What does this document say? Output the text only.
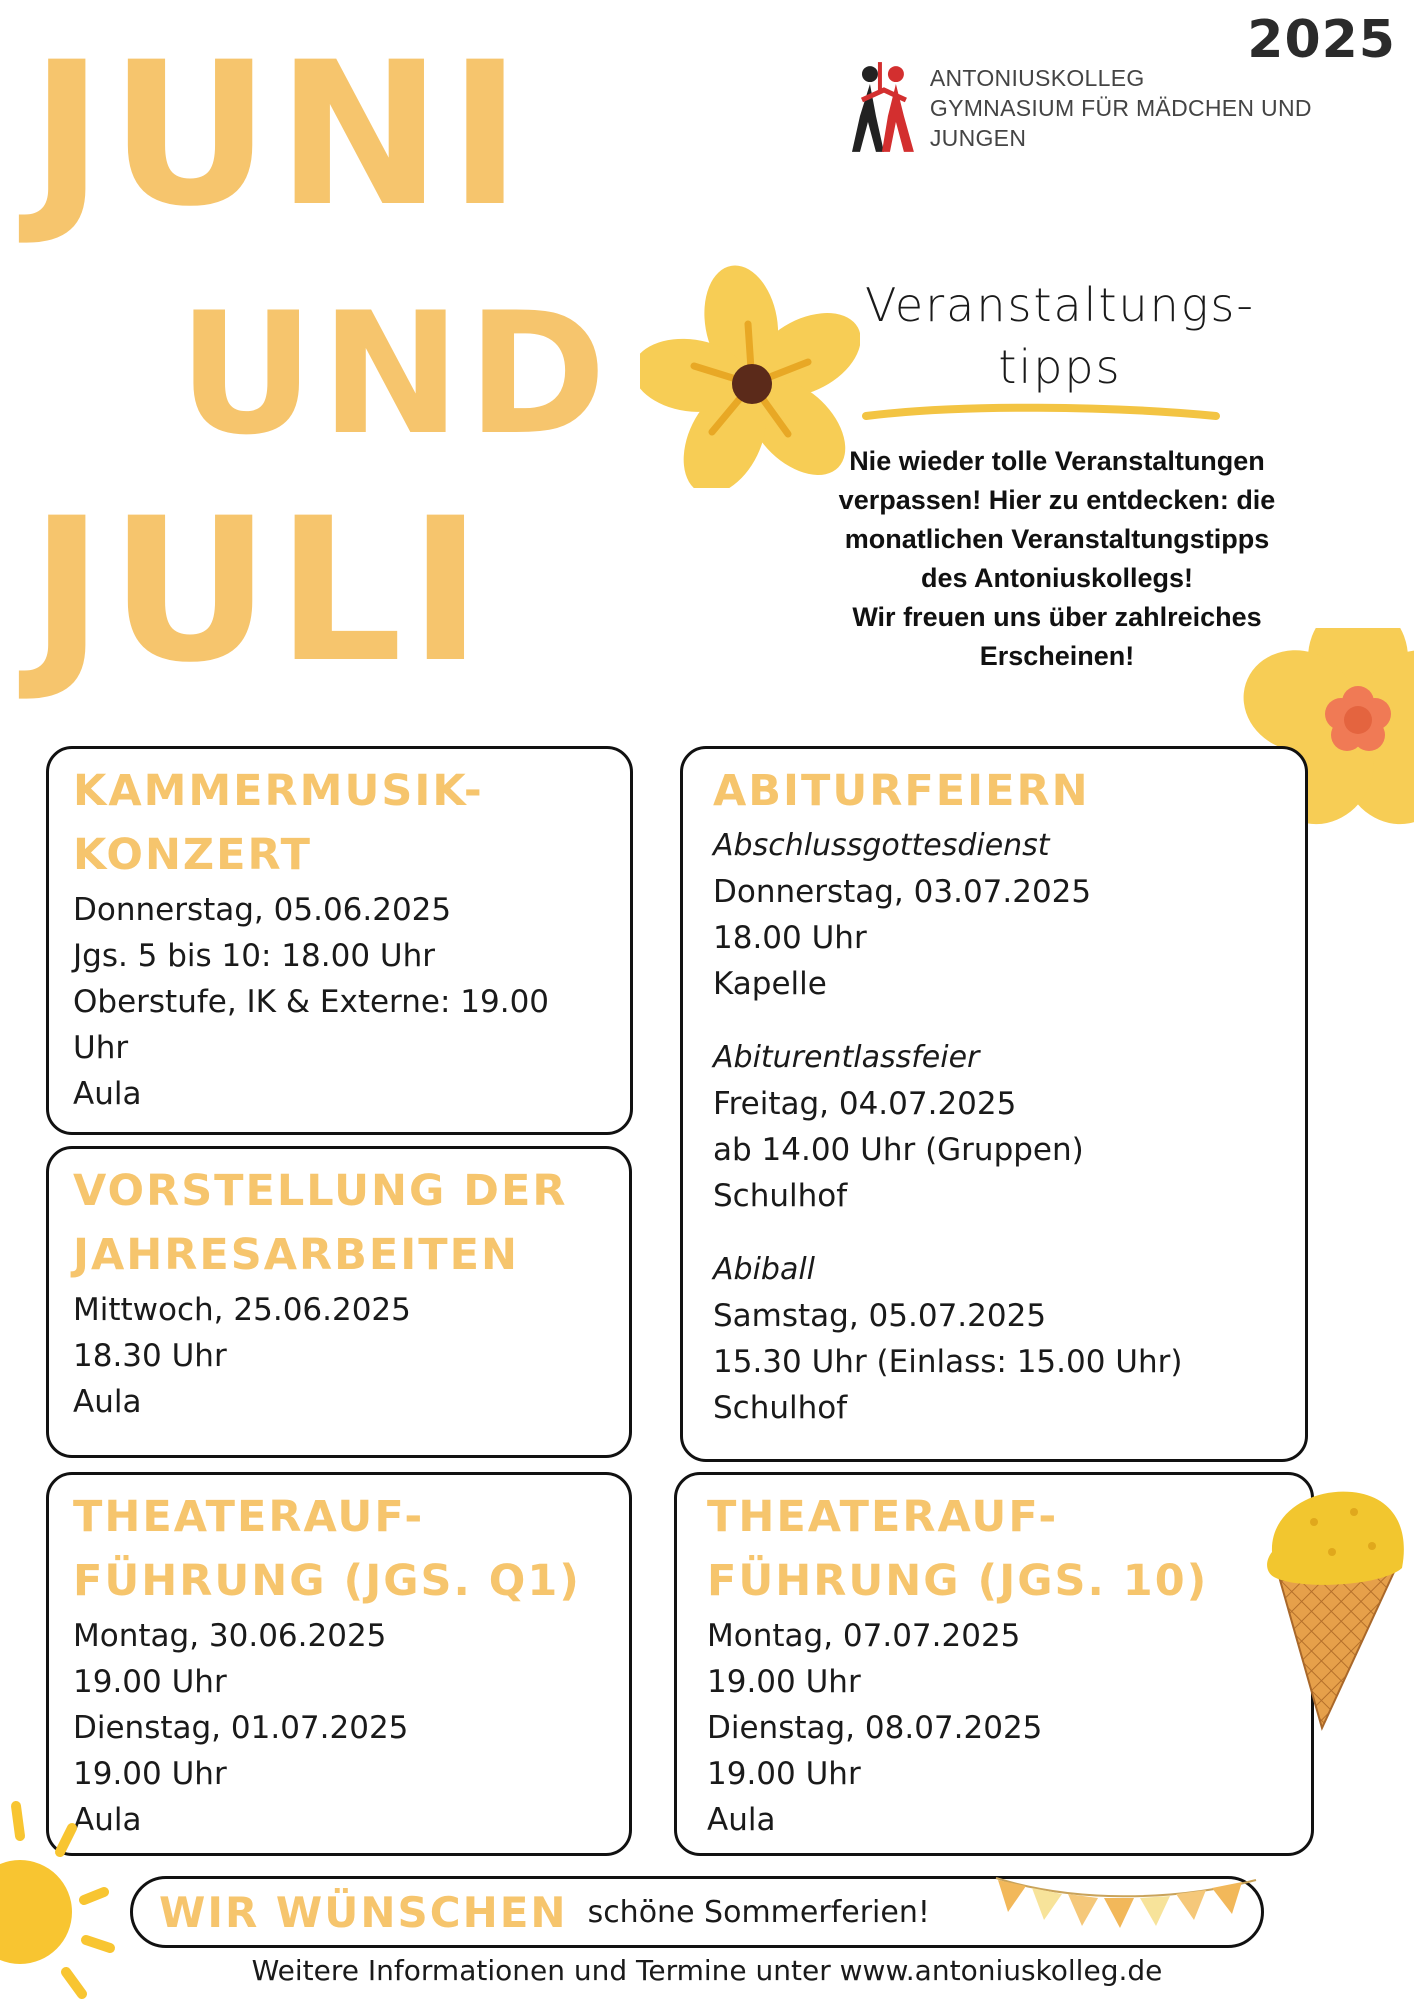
2025
ANTONIUSKOLLEG
GYMNASIUM FÜR MÄDCHEN UND JUNGEN
JUNI
UND
JULI
Veranstaltungs-
tipps
Nie wieder tolle Veranstaltungen
verpassen! Hier zu entdecken: die
monatlichen Veranstaltungstipps
des Antoniuskollegs!
Wir freuen uns über zahlreiches
Erscheinen!
KAMMERMUSIK-
KONZERT
Donnerstag, 05.06.2025
Jgs. 5 bis 10: 18.00 Uhr
Oberstufe, IK & Externe: 19.00
Uhr
Aula
VORSTELLUNG DER
JAHRESARBEITEN
Mittwoch, 25.06.2025
18.30 Uhr
Aula
THEATERAUF-
FÜHRUNG (JGS. Q1)
Montag, 30.06.2025
19.00 Uhr
Dienstag, 01.07.2025
19.00 Uhr
Aula
ABITURFEIERN
Abschlussgottesdienst
Donnerstag, 03.07.2025
18.00 Uhr
Kapelle
Abiturentlassfeier
Freitag, 04.07.2025
ab 14.00 Uhr (Gruppen)
Schulhof
Abiball
Samstag, 05.07.2025
15.30 Uhr (Einlass: 15.00 Uhr)
Schulhof
THEATERAUF-
FÜHRUNG (JGS. 10)
Montag, 07.07.2025
19.00 Uhr
Dienstag, 08.07.2025
19.00 Uhr
Aula
WIR WÜNSCHEN schöne Sommerferien!
Weitere Informationen und Termine unter www.antoniuskolleg.de
